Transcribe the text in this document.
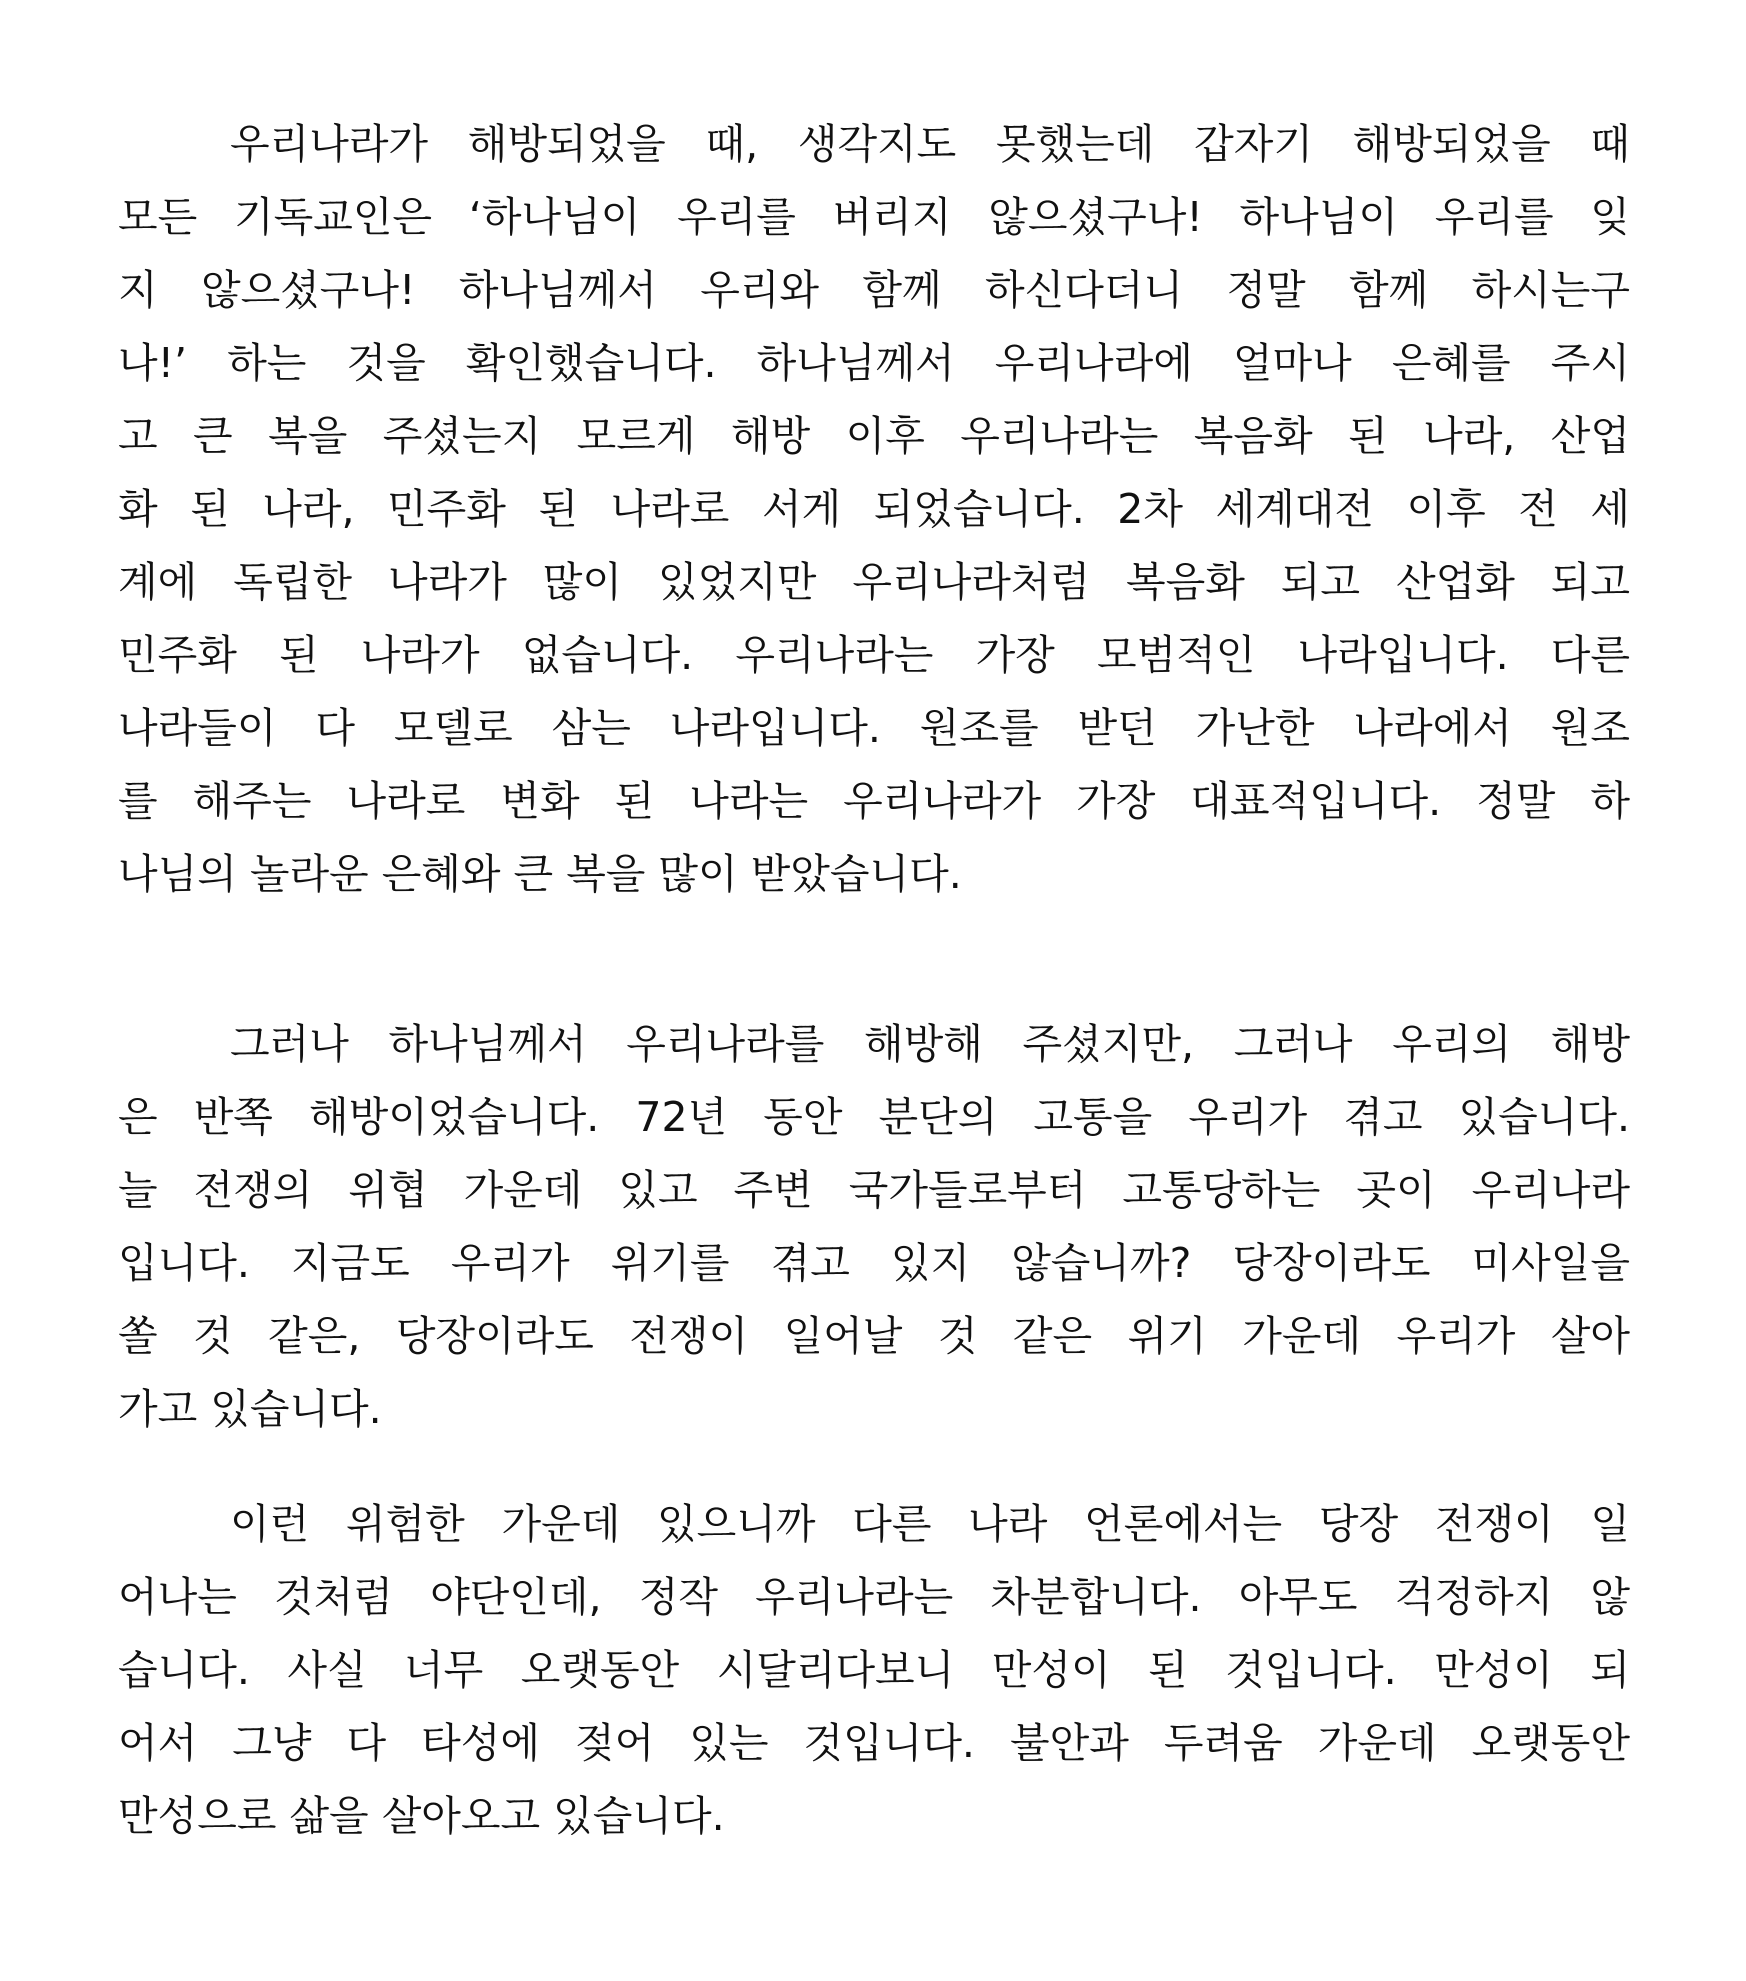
우리나라가 해방되었을 때, 생각지도 못했는데 갑자기 해방되었을 때
모든 기독교인은 ‘하나님이 우리를 버리지 않으셨구나! 하나님이 우리를 잊
지 않으셨구나! 하나님께서 우리와 함께 하신다더니 정말 함께 하시는구
나!’ 하는 것을 확인했습니다. 하나님께서 우리나라에 얼마나 은혜를 주시
고 큰 복을 주셨는지 모르게 해방 이후 우리나라는 복음화 된 나라, 산업
화 된 나라, 민주화 된 나라로 서게 되었습니다. 2차 세계대전 이후 전 세
계에 독립한 나라가 많이 있었지만 우리나라처럼 복음화 되고 산업화 되고
민주화 된 나라가 없습니다. 우리나라는 가장 모범적인 나라입니다. 다른
나라들이 다 모델로 삼는 나라입니다. 원조를 받던 가난한 나라에서 원조
를 해주는 나라로 변화 된 나라는 우리나라가 가장 대표적입니다. 정말 하
나님의 놀라운 은혜와 큰 복을 많이 받았습니다.
그러나 하나님께서 우리나라를 해방해 주셨지만, 그러나 우리의 해방
은 반쪽 해방이었습니다. 72년 동안 분단의 고통을 우리가 겪고 있습니다.
늘 전쟁의 위협 가운데 있고 주변 국가들로부터 고통당하는 곳이 우리나라
입니다. 지금도 우리가 위기를 겪고 있지 않습니까? 당장이라도 미사일을
쏠 것 같은, 당장이라도 전쟁이 일어날 것 같은 위기 가운데 우리가 살아
가고 있습니다.
이런 위험한 가운데 있으니까 다른 나라 언론에서는 당장 전쟁이 일
어나는 것처럼 야단인데, 정작 우리나라는 차분합니다. 아무도 걱정하지 않
습니다. 사실 너무 오랫동안 시달리다보니 만성이 된 것입니다. 만성이 되
어서 그냥 다 타성에 젖어 있는 것입니다. 불안과 두려움 가운데 오랫동안
만성으로 삶을 살아오고 있습니다.
